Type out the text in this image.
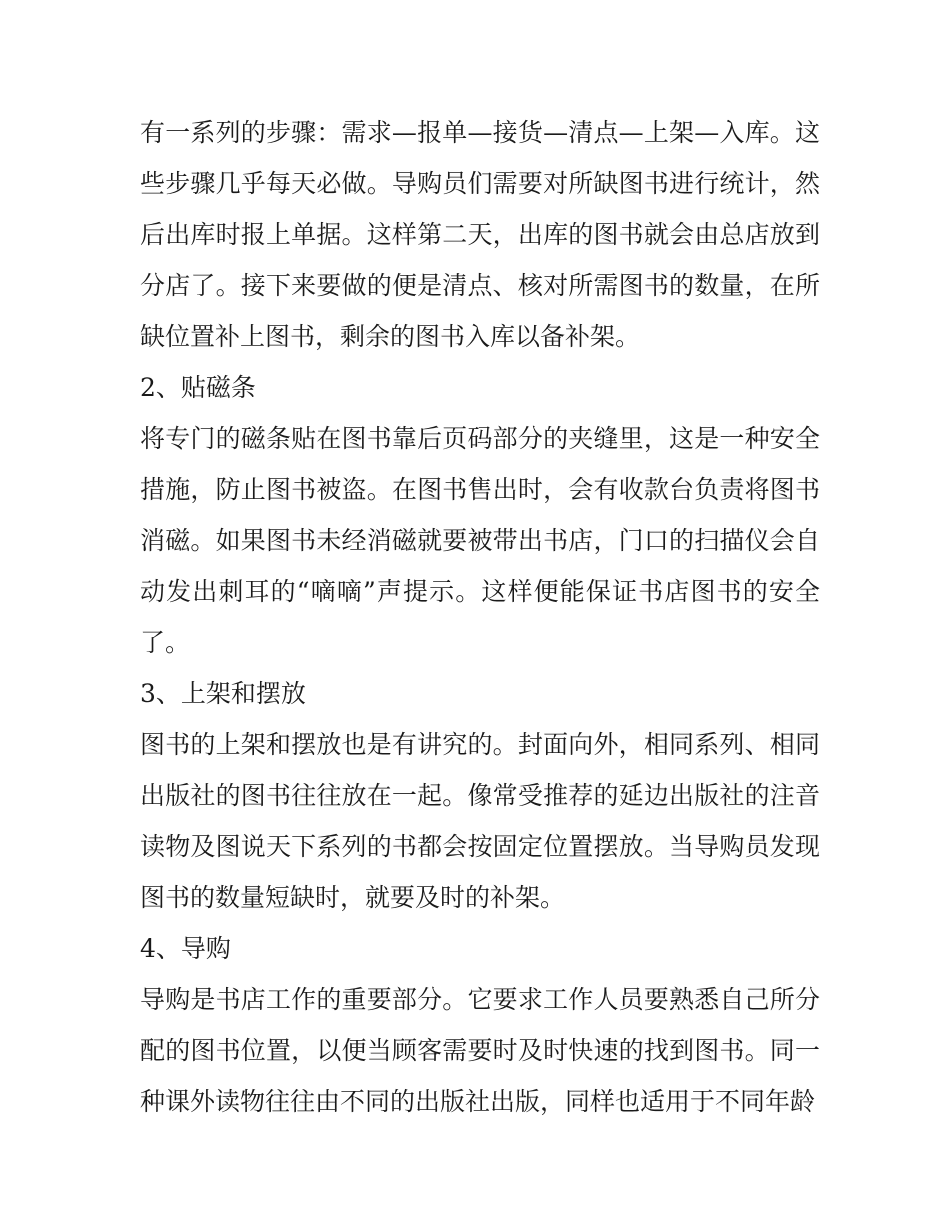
有一系列的步骤：需求—报单—接货—清点—上架—入库。这些步骤几乎每天必做。导购员们需要对所缺图书进行统计，然后出库时报上单据。这样第二天，出库的图书就会由总店放到分店了。接下来要做的便是清点、核对所需图书的数量，在所缺位置补上图书，剩余的图书入库以备补架。

2、贴磁条

将专门的磁条贴在图书靠后页码部分的夹缝里，这是一种安全措施，防止图书被盗。在图书售出时，会有收款台负责将图书消磁。如果图书未经消磁就要被带出书店，门口的扫描仪会自动发出刺耳的“嘀嘀”声提示。这样便能保证书店图书的安全了。

3、上架和摆放

图书的上架和摆放也是有讲究的。封面向外，相同系列、相同出版社的图书往往放在一起。像常受推荐的延边出版社的注音读物及图说天下系列的书都会按固定位置摆放。当导购员发现图书的数量短缺时，就要及时的补架。

4、导购

导购是书店工作的重要部分。它要求工作人员要熟悉自己所分配的图书位置，以便当顾客需要时及时快速的找到图书。同一种课外读物往往由不同的出版社出版，同样也适用于不同年龄
